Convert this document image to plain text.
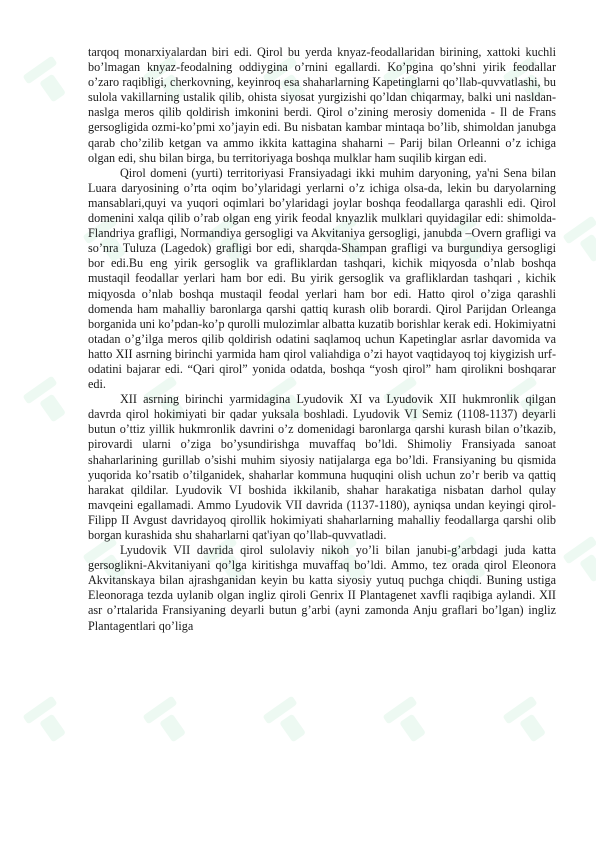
tarqoq monarxiyalardan biri edi. Qirol bu yerda knyaz-feodallaridan birining, xattoki kuchli bo’lmagan knyaz-feodalning oddiygina o’rnini egallardi. Ko’pgina qo’shni yirik feodallar o’zaro raqibligi, cherkovning, keyinroq esa shaharlarning Kapetinglarni qo’llab-quvvatlashi, bu sulola vakillarning ustalik qilib, ohista siyosat yurgizishi qo’ldan chiqarmay, balki uni nasldan-naslga meros qilib qoldirish imkonini berdi. Qirol o’zining merosiy domenida - Il de Frans gersogligida ozmi-ko’pmi xo’jayin edi. Bu nisbatan kambar mintaqa bo’lib, shimoldan janubga qarab cho’zilib ketgan va ammo ikkita kattagina shaharni – Parij bilan Orleanni o’z ichiga olgan edi, shu bilan birga, bu territoriyaga boshqa mulklar ham suqilib kirgan edi.

Qirol domeni (yurti) territoriyasi Fransiyadagi ikki muhim daryoning, ya'ni Sena bilan Luara daryosining o’rta oqim bo’ylaridagi yerlarni o’z ichiga olsa-da, lekin bu daryolarning mansablari,quyi va yuqori oqimlari bo’ylaridagi joylar boshqa feodallarga qarashli edi. Qirol domenini xalqa qilib o’rab olgan eng yirik feodal knyazlik mulklari quyidagilar edi: shimolda-Flandriya grafligi, Normandiya gersogligi va Akvitaniya gersogligi, janubda –Overn grafligi va so’nra Tuluza (Lagedok) grafligi bor edi, sharqda-Shampan grafligi va burgundiya gersogligi bor edi.Bu eng yirik gersoglik va grafliklardan tashqari, kichik miqyosda o’nlab boshqa mustaqil feodallar yerlari ham bor edi. Bu yirik gersoglik va grafliklardan tashqari , kichik miqyosda o’nlab boshqa mustaqil feodal yerlari ham bor edi. Hatto qirol o’ziga qarashli domenda ham mahalliy baronlarga qarshi qattiq kurash olib borardi. Qirol Parijdan Orleanga borganida uni ko’pdan-ko’p qurolli mulozimlar albatta kuzatib borishlar kerak edi. Hokimiyatni otadan o’g’ilga meros qilib qoldirish odatini saqlamoq uchun Kapetinglar asrlar davomida va hatto XII asrning birinchi yarmida ham qirol valiahdiga o’zi hayot vaqtidayoq toj kiygizish urf-odatini bajarar edi. “Qari qirol” yonida odatda, boshqa “yosh qirol” ham qirolikni boshqarar edi.

XII asrning birinchi yarmidagina Lyudovik XI va Lyudovik XII hukmronlik qilgan davrda qirol hokimiyati bir qadar yuksala boshladi. Lyudovik VI Semiz (1108-1137) deyarli butun o’ttiz yillik hukmronlik davrini o’z domenidagi baronlarga qarshi kurash bilan o’tkazib, pirovardi ularni o’ziga bo’ysundirishga muvaffaq bo’ldi. Shimoliy Fransiyada sanoat shaharlarining gurillab o’sishi muhim siyosiy natijalarga ega bo’ldi. Fransiyaning bu qismida yuqorida ko’rsatib o’tilganidek, shaharlar kommuna huquqini olish uchun zo’r berib va qattiq harakat qildilar. Lyudovik VI boshida ikkilanib, shahar harakatiga nisbatan darhol qulay mavqeini egallamadi. Ammo Lyudovik VII davrida (1137-1180), ayniqsa undan keyingi qirol-Filipp II Avgust davridayoq qirollik hokimiyati shaharlarning mahalliy feodallarga qarshi olib borgan kurashida shu shaharlarni qat'iyan qo’llab-quvvatladi.

Lyudovik VII davrida qirol sulolaviy nikoh yo’li bilan janubi-g’arbdagi juda katta gersoglikni-Akvitaniyani qo’lga kiritishga muvaffaq bo’ldi. Ammo, tez orada qirol Eleonora Akvitanskaya bilan ajrashganidan keyin bu katta siyosiy yutuq puchga chiqdi. Buning ustiga Eleonoraga tezda uylanib olgan ingliz qiroli Genrix II Plantagenet xavfli raqibiga aylandi. XII asr o’rtalarida Fransiyaning deyarli butun g’arbi (ayni zamonda Anju graflari bo’lgan) ingliz Plantagentlari qo’liga
